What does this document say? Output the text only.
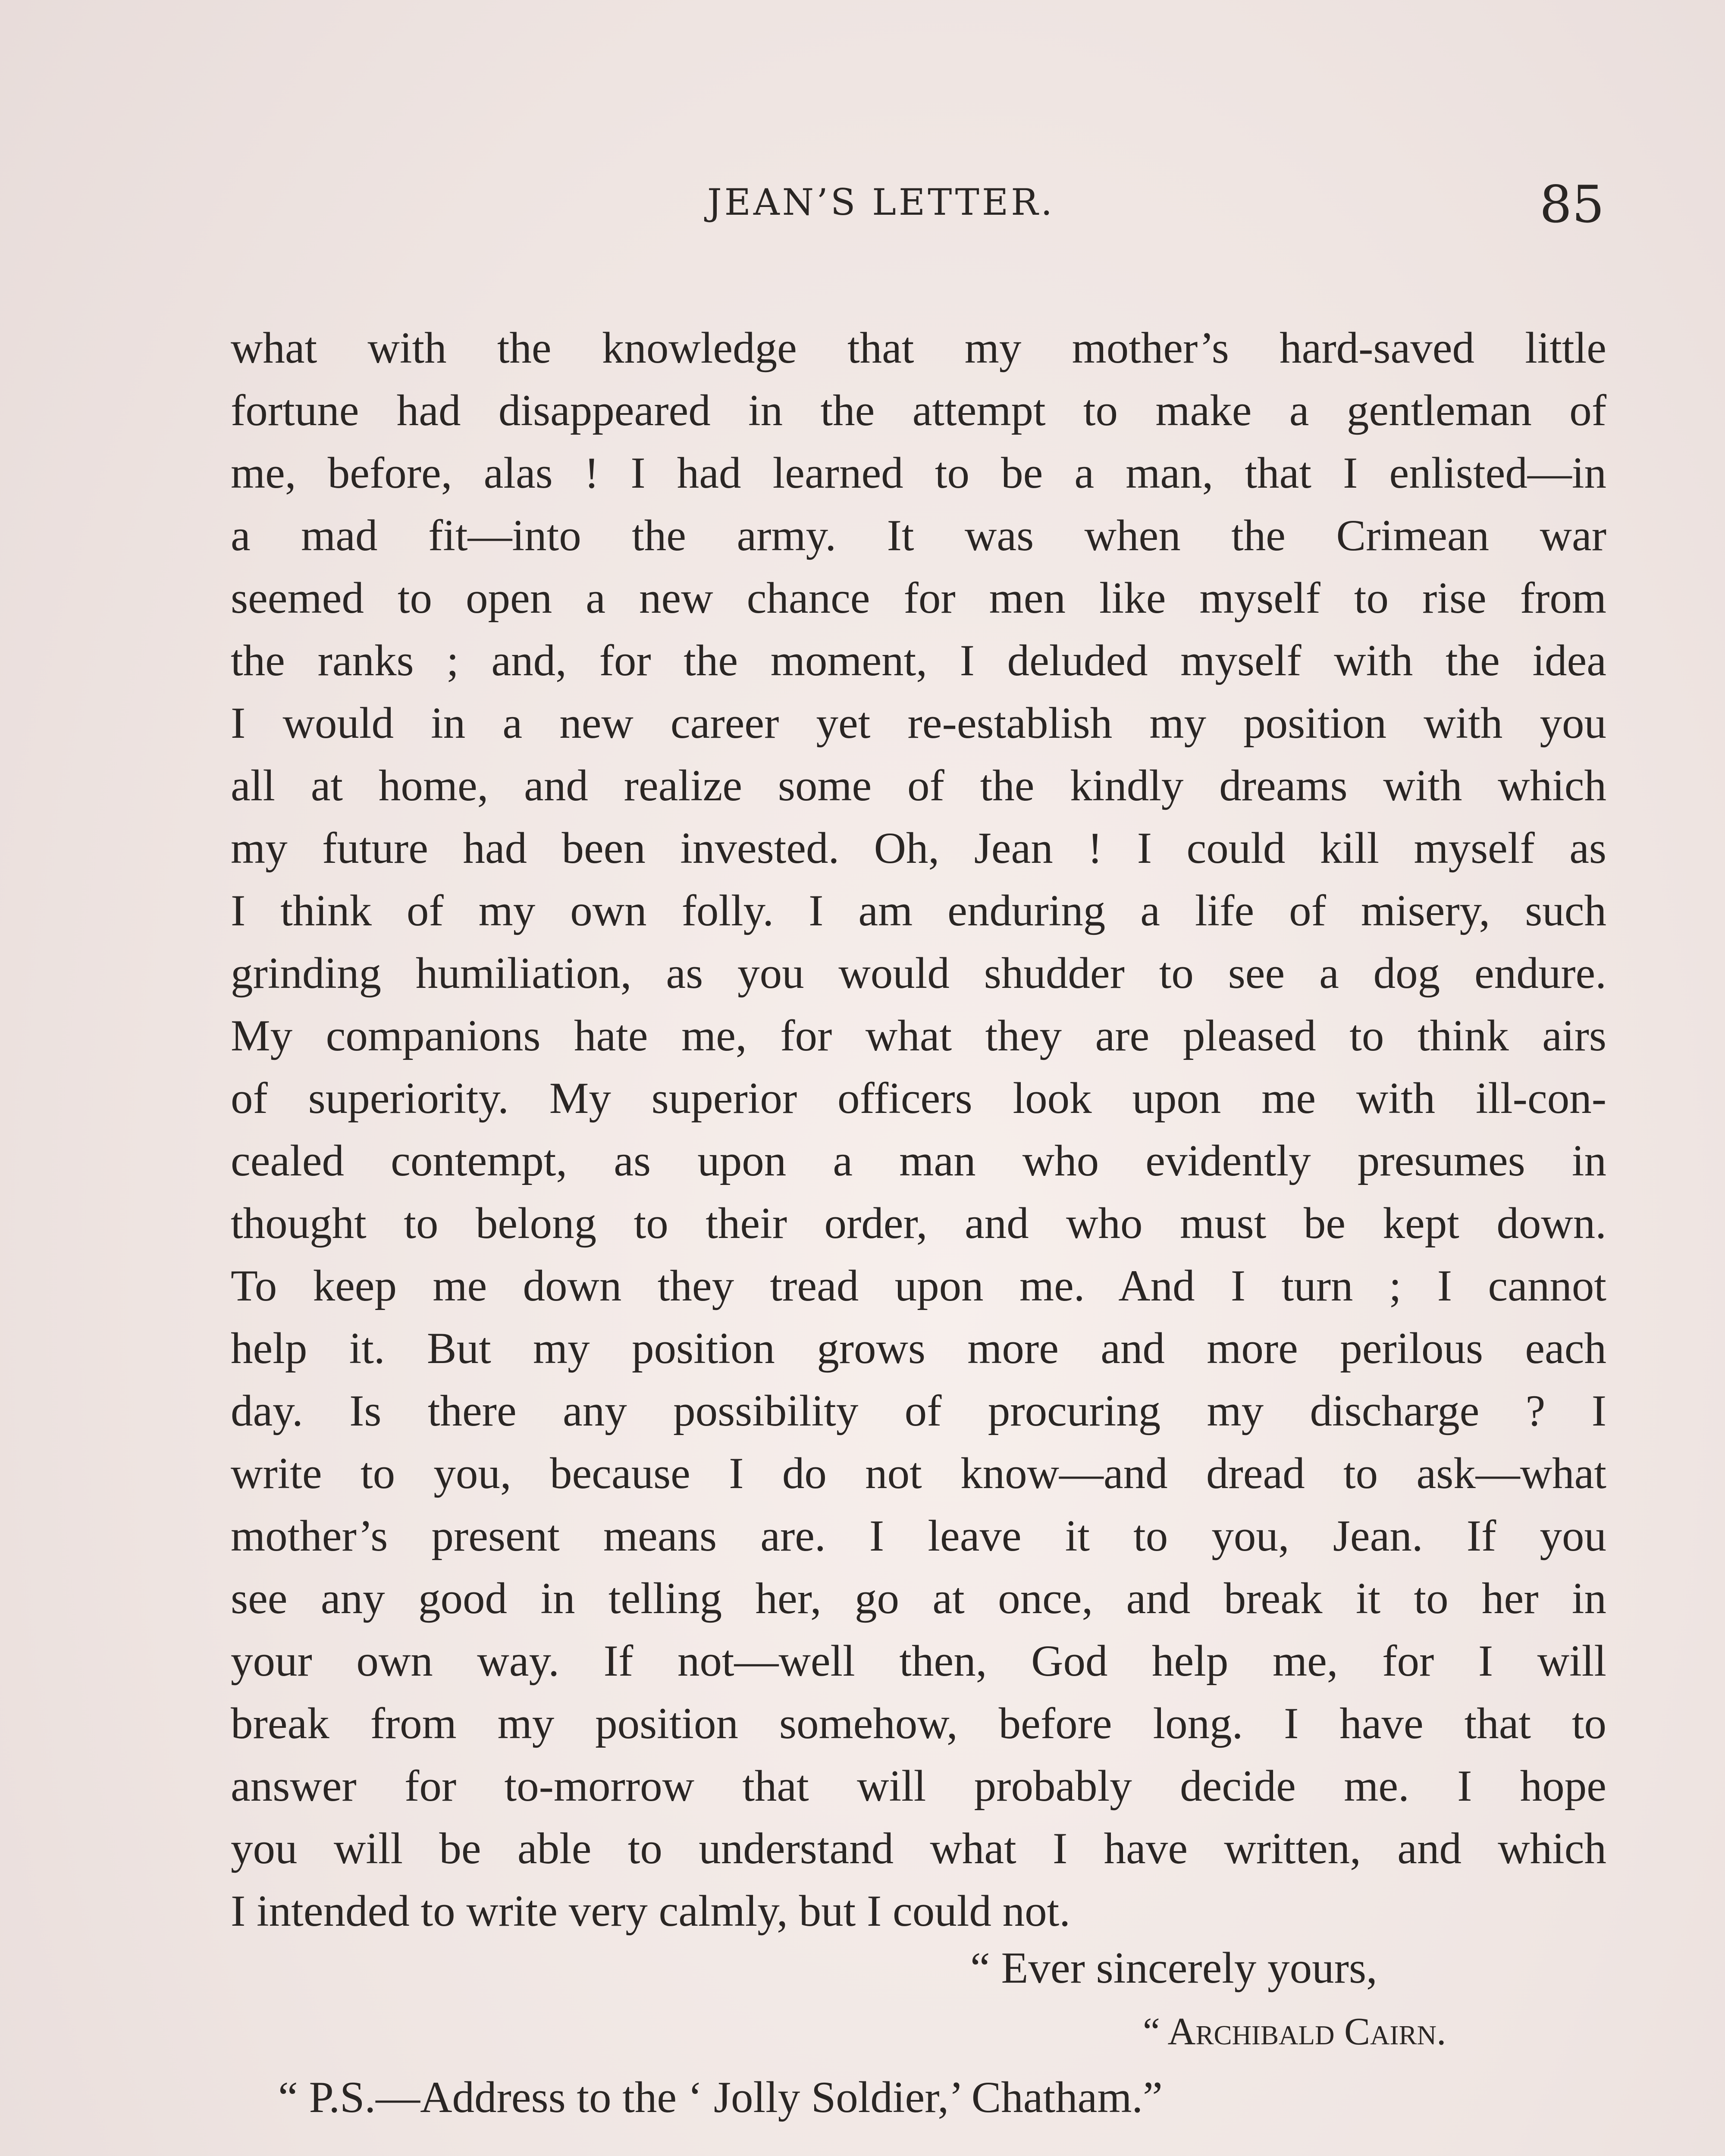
JEAN’S LETTER.	85
what with the knowledge that my mother’s hard-saved little
fortune had disappeared in the attempt to make a gentleman of
me, before, alas ! I had learned to be a man, that I enlisted—in
a mad fit—into the army. It was when the Crimean war
seemed to open a new chance for men like myself to rise from
the ranks ; and, for the moment, I deluded myself with the idea
I would in a new career yet re-establish my position with you
all at home, and realize some of the kindly dreams with which
my future had been invested. Oh, Jean ! I could kill myself as
I think of my own folly. I am enduring a life of misery, such
grinding humiliation, as you would shudder to see a dog endure.
My companions hate me, for what they are pleased to think airs
of superiority. My superior officers look upon me with ill-con-
cealed contempt, as upon a man who evidently presumes in
thought to belong to their order, and who must be kept down.
To keep me down they tread upon me. And I turn ; I cannot
help it. But my position grows more and more perilous each
day. Is there any possibility of procuring my discharge ? I
write to you, because I do not know—and dread to ask—what
mother’s present means are. I leave it to you, Jean. If you
see any good in telling her, go at once, and break it to her in
your own way. If not—well then, God help me, for I will
break from my position somehow, before long. I have that to
answer for to-morrow that will probably decide me. I hope
you will be able to understand what I have written, and which
I intended to write very calmly, but I could not.
“ Ever sincerely yours,
“ Archibald Cairn.
“ P.S.—Address to the ‘ Jolly Soldier,’ Chatham.”
